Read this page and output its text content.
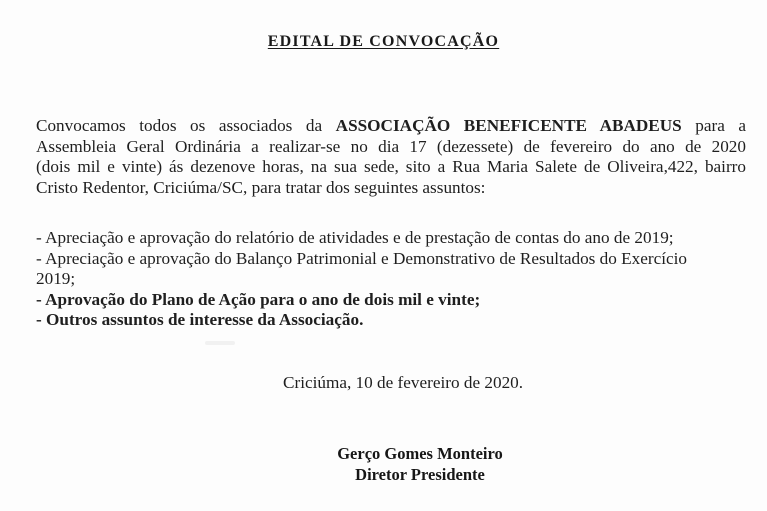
EDITAL DE CONVOCAÇÃO
Convocamos todos os associados da ASSOCIAÇÃO BENEFICENTE ABADEUS para a
Assembleia Geral Ordinária a realizar-se no dia 17 (dezessete) de fevereiro do ano de 2020
(dois mil e vinte) ás dezenove horas, na sua sede, sito a Rua Maria Salete de Oliveira,422, bairro
Cristo Redentor, Criciúma/SC, para tratar dos seguintes assuntos:
- Apreciação e aprovação do relatório de atividades e de prestação de contas do ano de 2019;
- Apreciação e aprovação do Balanço Patrimonial e Demonstrativo de Resultados do Exercício
2019;
- Aprovação do Plano de Ação para o ano de dois mil e vinte;
- Outros assuntos de interesse da Associação.
Criciúma, 10 de fevereiro de 2020.
Gerço Gomes Monteiro
Diretor Presidente
